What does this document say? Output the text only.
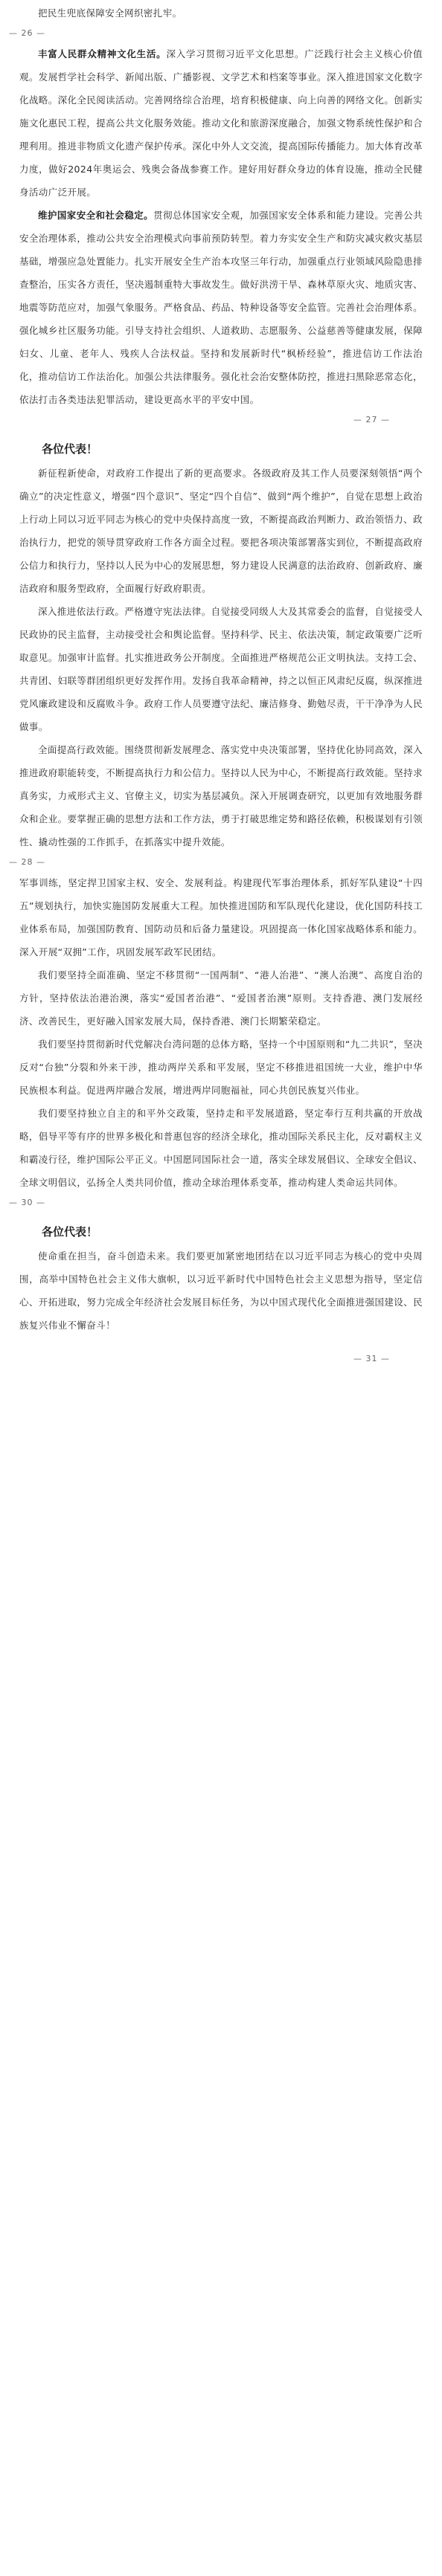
把民生兜底保障安全网织密扎牢。

— 26 —

丰富人民群众精神文化生活。深入学习贯彻习近平文化思想。广泛践行社会主义核心价值观。发展哲学社会科学、新闻出版、广播影视、文学艺术和档案等事业。深入推进国家文化数字化战略。深化全民阅读活动。完善网络综合治理，培育积极健康、向上向善的网络文化。创新实施文化惠民工程，提高公共文化服务效能。推动文化和旅游深度融合，加强文物系统性保护和合理利用。推进非物质文化遗产保护传承。深化中外人文交流，提高国际传播能力。加大体育改革力度，做好2024年奥运会、残奥会备战参赛工作。建好用好群众身边的体育设施，推动全民健身活动广泛开展。

维护国家安全和社会稳定。贯彻总体国家安全观，加强国家安全体系和能力建设。完善公共安全治理体系，推动公共安全治理模式向事前预防转型。着力夯实安全生产和防灾减灾救灾基层基础，增强应急处置能力。扎实开展安全生产治本攻坚三年行动，加强重点行业领域风险隐患排查整治，压实各方责任，坚决遏制重特大事故发生。做好洪涝干旱、森林草原火灾、地质灾害、地震等防范应对，加强气象服务。严格食品、药品、特种设备等安全监管。完善社会治理体系。强化城乡社区服务功能。引导支持社会组织、人道救助、志愿服务、公益慈善等健康发展，保障妇女、儿童、老年人、残疾人合法权益。坚持和发展新时代“枫桥经验”，推进信访工作法治化，推动信访工作法治化。加强公共法律服务。强化社会治安整体防控，推进扫黑除恶常态化，依法打击各类违法犯罪活动，建设更高水平的平安中国。

— 27 —

各位代表！

新征程新使命，对政府工作提出了新的更高要求。各级政府及其工作人员要深刻领悟“两个确立”的决定性意义，增强“四个意识”、坚定“四个自信”、做到“两个维护”，自觉在思想上政治上行动上同以习近平同志为核心的党中央保持高度一致，不断提高政治判断力、政治领悟力、政治执行力，把党的领导贯穿政府工作各方面全过程。要把各项决策部署落实到位，不断提高政府公信力和执行力，坚持以人民为中心的发展思想，努力建设人民满意的法治政府、创新政府、廉洁政府和服务型政府，全面履行好政府职责。

深入推进依法行政。严格遵守宪法法律。自觉接受同级人大及其常委会的监督，自觉接受人民政协的民主监督，主动接受社会和舆论监督。坚持科学、民主、依法决策，制定政策要广泛听取意见。加强审计监督。扎实推进政务公开制度。全面推进严格规范公正文明执法。支持工会、共青团、妇联等群团组织更好发挥作用。发扬自我革命精神，持之以恒正风肃纪反腐，纵深推进党风廉政建设和反腐败斗争。政府工作人员要遵守法纪、廉洁修身、勤勉尽责，干干净净为人民做事。

全面提高行政效能。围绕贯彻新发展理念、落实党中央决策部署，坚持优化协同高效，深入推进政府职能转变，不断提高执行力和公信力。坚持以人民为中心，不断提高行政效能。坚持求真务实，力戒形式主义、官僚主义，切实为基层减负。深入开展调查研究，以更加有效地服务群众和企业。要掌握正确的思想方法和工作方法，勇于打破思维定势和路径依赖，积极谋划有引领性、撬动性强的工作抓手，在抓落实中提升效能。

— 28 —

军事训练，坚定捍卫国家主权、安全、发展利益。构建现代军事治理体系，抓好军队建设“十四五”规划执行，加快实施国防发展重大工程。加快推进国防和军队现代化建设，优化国防科技工业体系布局，加强国防教育、国防动员和后备力量建设。巩固提高一体化国家战略体系和能力。深入开展“双拥”工作，巩固发展军政军民团结。

我们要坚持全面准确、坚定不移贯彻“一国两制”、“港人治港”、“澳人治澳”、高度自治的方针，坚持依法治港治澳，落实“爱国者治港”、“爱国者治澳”原则。支持香港、澳门发展经济、改善民生，更好融入国家发展大局，保持香港、澳门长期繁荣稳定。

我们要坚持贯彻新时代党解决台湾问题的总体方略，坚持一个中国原则和“九二共识”，坚决反对“台独”分裂和外来干涉，推动两岸关系和平发展，坚定不移推进祖国统一大业，维护中华民族根本利益。促进两岸融合发展，增进两岸同胞福祉，同心共创民族复兴伟业。

我们要坚持独立自主的和平外交政策，坚持走和平发展道路，坚定奉行互利共赢的开放战略，倡导平等有序的世界多极化和普惠包容的经济全球化，推动国际关系民主化，反对霸权主义和霸凌行径，维护国际公平正义。中国愿同国际社会一道，落实全球发展倡议、全球安全倡议、全球文明倡议，弘扬全人类共同价值，推动全球治理体系变革，推动构建人类命运共同体。

— 30 —

各位代表！

使命重在担当，奋斗创造未来。我们要更加紧密地团结在以习近平同志为核心的党中央周围，高举中国特色社会主义伟大旗帜，以习近平新时代中国特色社会主义思想为指导，坚定信心、开拓进取，努力完成全年经济社会发展目标任务，为以中国式现代化全面推进强国建设、民族复兴伟业不懈奋斗！

— 31 —
